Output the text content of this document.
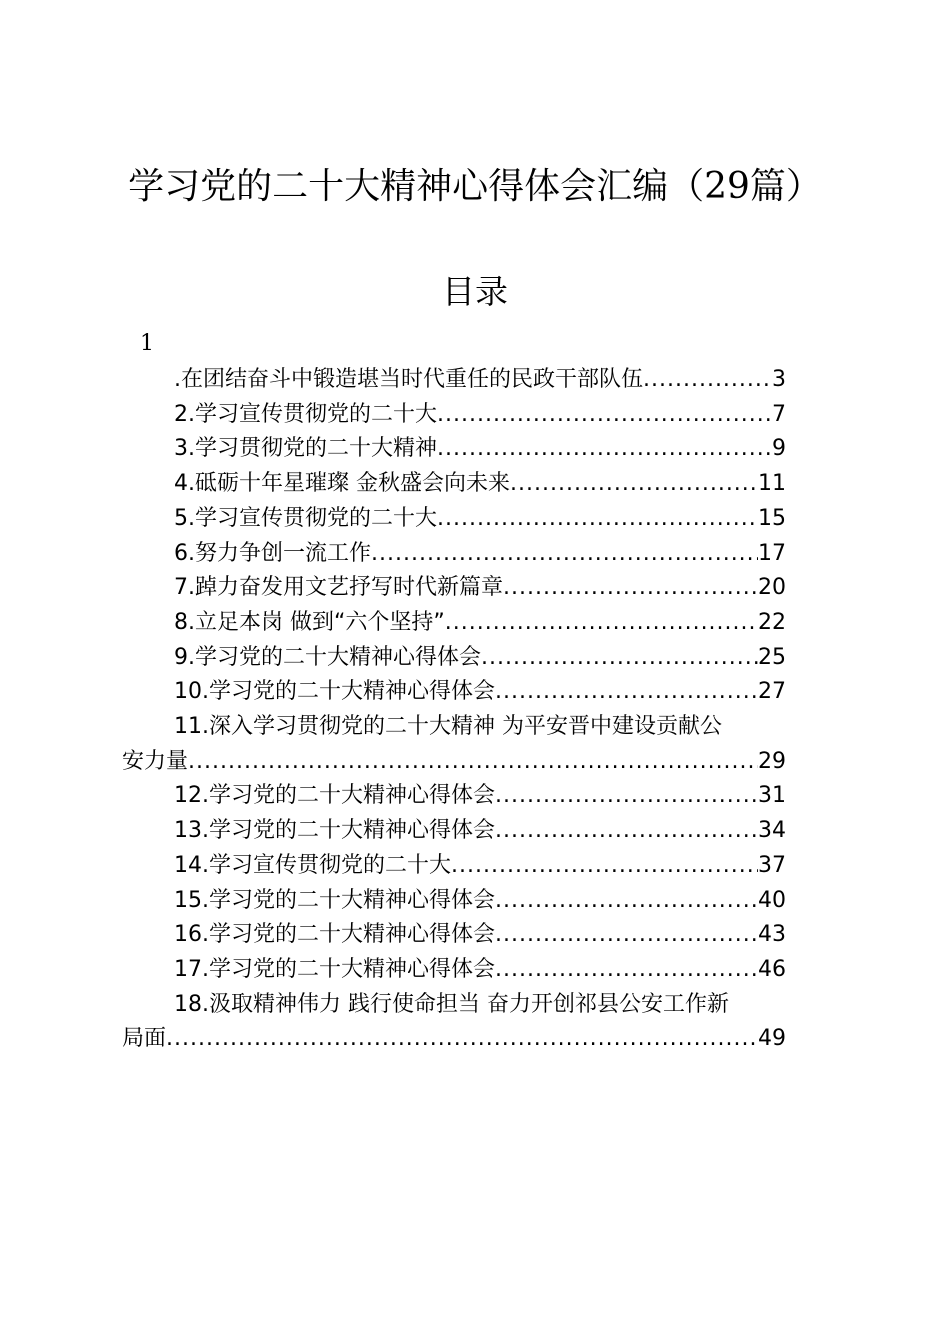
学习党的二十大精神心得体会汇编（29篇）
目录
1
.在团结奋斗中锻造堪当时代重任的民政干部队伍 .....	3
2.学习宣传贯彻党的二十大 .....	7
3.学习贯彻党的二十大精神 .....	9
4.砥砺十年星璀璨 金秋盛会向未来 .....	11
5.学习宣传贯彻党的二十大 .....	15
6.努力争创一流工作 .....	17
7.踔力奋发用文艺抒写时代新篇章 .....	20
8.立足本岗 做到“六个坚持” .....	22
9.学习党的二十大精神心得体会 .....	25
10.学习党的二十大精神心得体会 .....	27
11.深入学习贯彻党的二十大精神 为平安晋中建设贡献公
安力量 .....	29
12.学习党的二十大精神心得体会 .....	31
13.学习党的二十大精神心得体会 .....	34
14.学习宣传贯彻党的二十大 .....	37
15.学习党的二十大精神心得体会 .....	40
16.学习党的二十大精神心得体会 .....	43
17.学习党的二十大精神心得体会 .....	46
18.汲取精神伟力 践行使命担当 奋力开创祁县公安工作新
局面 .....	49
